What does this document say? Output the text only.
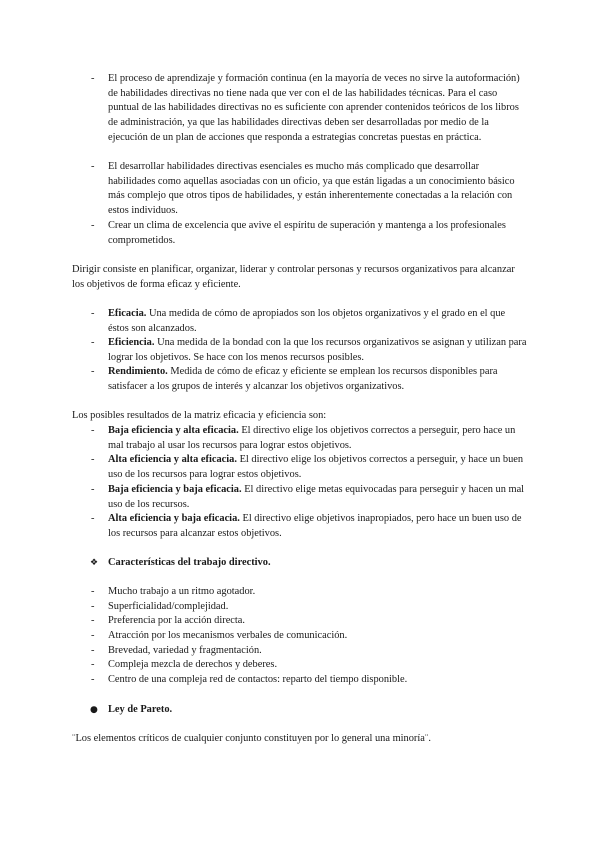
- El proceso de aprendizaje y formación continua (en la mayoría de veces no sirve la autoformación) de habilidades directivas no tiene nada que ver con el de las habilidades técnicas. Para el caso puntual de las habilidades directivas no es suficiente con aprender contenidos teóricos de los libros de administración, ya que las habilidades directivas deben ser desarrolladas por medio de la ejecución de un plan de acciones que responda a estrategias concretas puestas en práctica.
- El desarrollar habilidades directivas esenciales es mucho más complicado que desarrollar habilidades como aquellas asociadas con un oficio, ya que están ligadas a un conocimiento básico más complejo que otros tipos de habilidades, y están inherentemente conectadas a la relación con estos individuos.
- Crear un clima de excelencia que avive el espíritu de superación y mantenga a los profesionales comprometidos.
Dirigir consiste en planificar, organizar, liderar y controlar personas y recursos organizativos para alcanzar los objetivos de forma eficaz y eficiente.
- Eficacia. Una medida de cómo de apropiados son los objetos organizativos y el grado en el que éstos son alcanzados.
- Eficiencia. Una medida de la bondad con la que los recursos organizativos se asignan y utilizan para lograr los objetivos. Se hace con los menos recursos posibles.
- Rendimiento. Medida de cómo de eficaz y eficiente se emplean los recursos disponibles para satisfacer a los grupos de interés y alcanzar los objetivos organizativos.
Los posibles resultados de la matriz eficacia y eficiencia son:
- Baja eficiencia y alta eficacia. El directivo elige los objetivos correctos a perseguir, pero hace un mal trabajo al usar los recursos para lograr estos objetivos.
- Alta eficiencia y alta eficacia. El directivo elige los objetivos correctos a perseguir, y hace un buen uso de los recursos para lograr estos objetivos.
- Baja eficiencia y baja eficacia. El directivo elige metas equivocadas para perseguir y hacen un mal uso de los recursos.
- Alta eficiencia y baja eficacia. El directivo elige objetivos inapropiados, pero hace un buen uso de los recursos para alcanzar estos objetivos.
❖ Características del trabajo directivo.
- Mucho trabajo a un ritmo agotador.
- Superficialidad/complejidad.
- Preferencia por la acción directa.
- Atracción por los mecanismos verbales de comunicación.
- Brevedad, variedad y fragmentación.
- Compleja mezcla de derechos y deberes.
- Centro de una compleja red de contactos: reparto del tiempo disponible.
● Ley de Pareto.
¨Los elementos críticos de cualquier conjunto constituyen por lo general una minoría¨.
